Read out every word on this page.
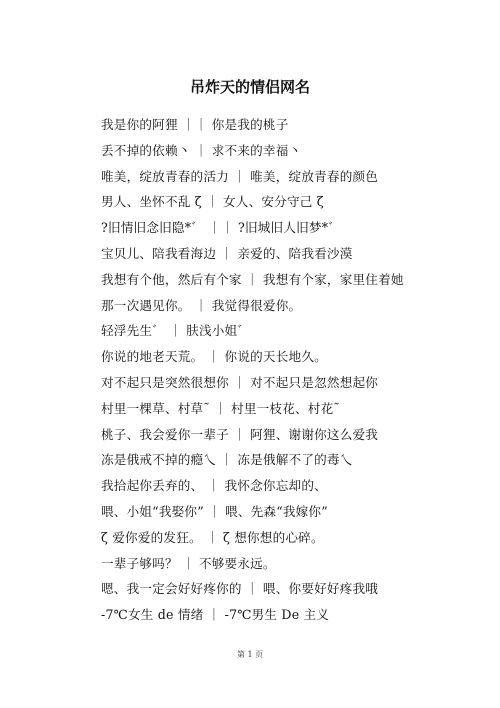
吊炸天的情侣网名
我是你的阿狸 ｜｜ 你是我的桃子
丢不掉的依赖丶 ｜ 求不来的幸福丶
唯美，绽放青春的活力 ｜ 唯美，绽放青春的颜色
男人、坐怀不乱 ζ ｜ 女人、安分守己 ζ
?旧情旧念旧隐*゛ ｜｜ ?旧城旧人旧梦*゛
宝贝儿、陪我看海边 ｜ 亲爱的、陪我看沙漠
我想有个他，然后有个家 ｜ 我想有个家，家里住着她
那一次遇见你。 ｜ 我觉得很爱你。
轻浮先生゛ ｜ 肤浅小姐゛
你说的地老天荒。 ｜ 你说的天长地久。
对不起只是突然很想你 ｜ 对不起只是忽然想起你
村里一棵草、村草˜ ｜ 村里一枝花、村花˜
桃子、我会爱你一辈子 ｜ 阿狸、谢谢你这么爱我
冻是俄戒不掉的瘾乀 ｜ 冻是俄解不了的毒乀
我拾起你丢弃的、 ｜ 我怀念你忘却的、
喂、小姐“我娶你” ｜ 喂、先森“我嫁你”
ζ 爱你爱的发狂。 ｜ ζ 想你想的心碎。
一辈子够吗？ ｜ 不够要永远。
嗯、我一定会好好疼你的 ｜ 喂、你要好好疼我哦
-7℃女生 de 情绪 ｜ -7℃男生 De 主义
第 1 页
